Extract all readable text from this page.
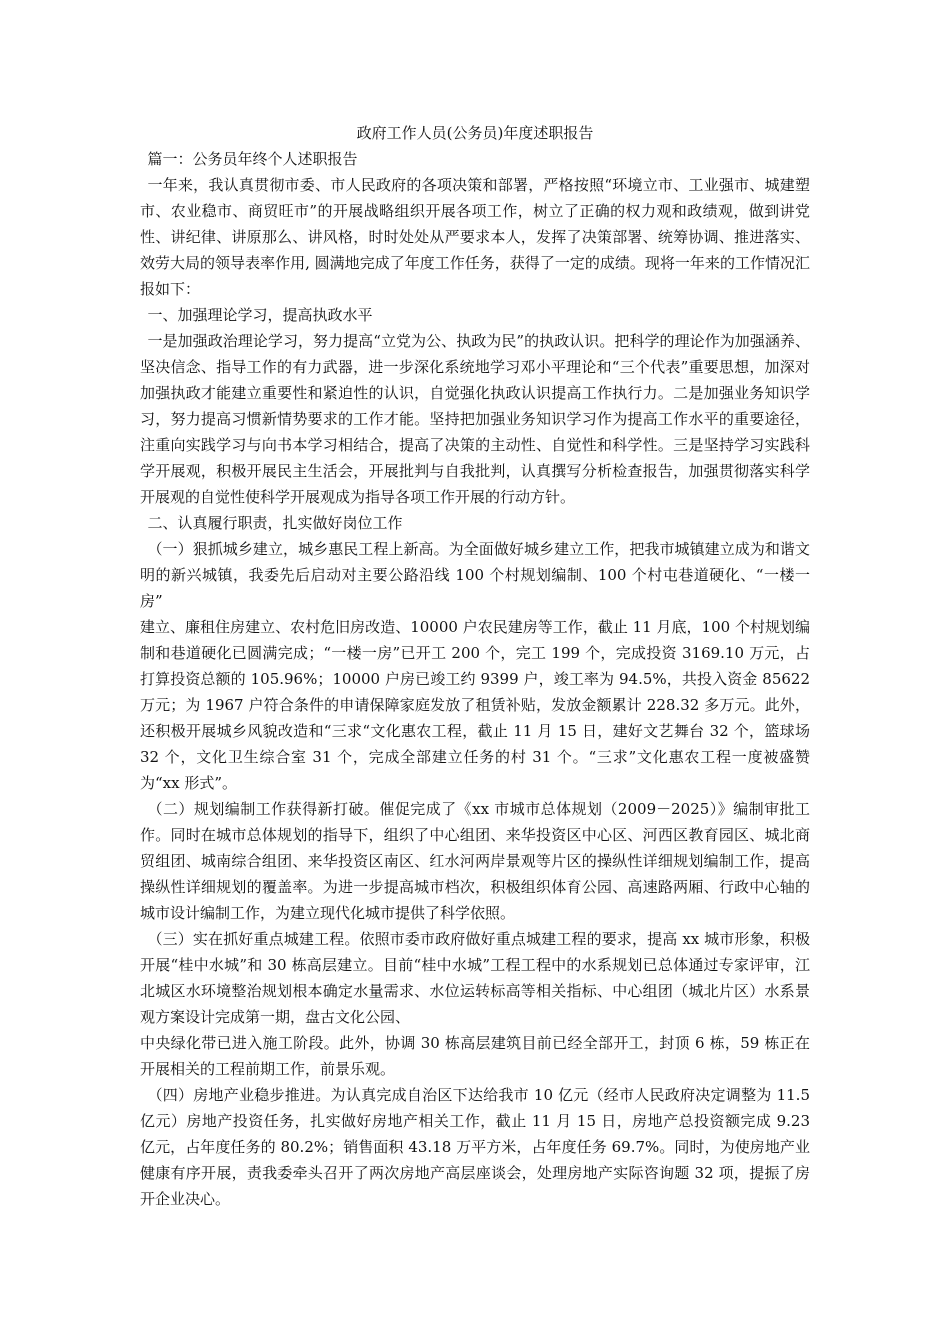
政府工作人员(公务员)年度述职报告

篇一：公务员年终个人述职报告

一年来，我认真贯彻市委、市人民政府的各项决策和部署，严格按照“环境立市、工业强市、城建塑市、农业稳市、商贸旺市”的开展战略组织开展各项工作，树立了正确的权力观和政绩观，做到讲党性、讲纪律、讲原那么、讲风格，时时处处从严要求本人，发挥了决策部署、统筹协调、推进落实、效劳大局的领导表率作用, 圆满地完成了年度工作任务，获得了一定的成绩。现将一年来的工作情况汇报如下：

一、加强理论学习，提高执政水平

一是加强政治理论学习，努力提高“立党为公、执政为民”的执政认识。把科学的理论作为加强涵养、坚决信念、指导工作的有力武器，进一步深化系统地学习邓小平理论和“三个代表”重要思想，加深对加强执政才能建立重要性和紧迫性的认识，自觉强化执政认识提高工作执行力。二是加强业务知识学习，努力提高习惯新情势要求的工作才能。坚持把加强业务知识学习作为提高工作水平的重要途径，注重向实践学习与向书本学习相结合，提高了决策的主动性、自觉性和科学性。三是坚持学习实践科学开展观，积极开展民主生活会，开展批判与自我批判，认真撰写分析检查报告，加强贯彻落实科学开展观的自觉性使科学开展观成为指导各项工作开展的行动方针。

二、认真履行职责，扎实做好岗位工作

（一）狠抓城乡建立，城乡惠民工程上新高。为全面做好城乡建立工作，把我市城镇建立成为和谐文明的新兴城镇，我委先后启动对主要公路沿线 100 个村规划编制、100 个村屯巷道硬化、“一楼一房”

建立、廉租住房建立、农村危旧房改造、10000 户农民建房等工作，截止 11 月底，100 个村规划编制和巷道硬化已圆满完成；“一楼一房”已开工 200 个，完工 199 个，完成投资 3169.10 万元，占打算投资总额的 105.96%；10000 户房已竣工约 9399 户，竣工率为 94.5%，共投入资金 85622 万元；为 1967 户符合条件的申请保障家庭发放了租赁补贴，发放金额累计 228.32 多万元。此外，还积极开展城乡风貌改造和“三求“文化惠农工程，截止 11 月 15 日，建好文艺舞台 32 个，篮球场 32 个，文化卫生综合室 31 个，完成全部建立任务的村 31 个。“三求”文化惠农工程一度被盛赞为“xx 形式”。

（二）规划编制工作获得新打破。催促完成了《xx 市城市总体规划（2009－2025）》编制审批工作。同时在城市总体规划的指导下，组织了中心组团、来华投资区中心区、河西区教育园区、城北商贸组团、城南综合组团、来华投资区南区、红水河两岸景观等片区的操纵性详细规划编制工作，提高操纵性详细规划的覆盖率。为进一步提高城市档次，积极组织体育公园、高速路两厢、行政中心轴的城市设计编制工作，为建立现代化城市提供了科学依照。

（三）实在抓好重点城建工程。依照市委市政府做好重点城建工程的要求，提高 xx 城市形象，积极开展“桂中水城”和 30 栋高层建立。目前“桂中水城”工程工程中的水系规划已总体通过专家评审，江北城区水环境整治规划根本确定水量需求、水位运转标高等相关指标、中心组团（城北片区）水系景观方案设计完成第一期，盘古文化公园、

中央绿化带已进入施工阶段。此外，协调 30 栋高层建筑目前已经全部开工，封顶 6 栋，59 栋正在开展相关的工程前期工作，前景乐观。

（四）房地产业稳步推进。为认真完成自治区下达给我市 10 亿元（经市人民政府决定调整为 11.5 亿元）房地产投资任务，扎实做好房地产相关工作，截止 11 月 15 日，房地产总投资额完成 9.23 亿元，占年度任务的 80.2%；销售面积 43.18 万平方米，占年度任务 69.7%。同时，为使房地产业健康有序开展，责我委牵头召开了两次房地产高层座谈会，处理房地产实际咨询题 32 项，提振了房开企业决心。
